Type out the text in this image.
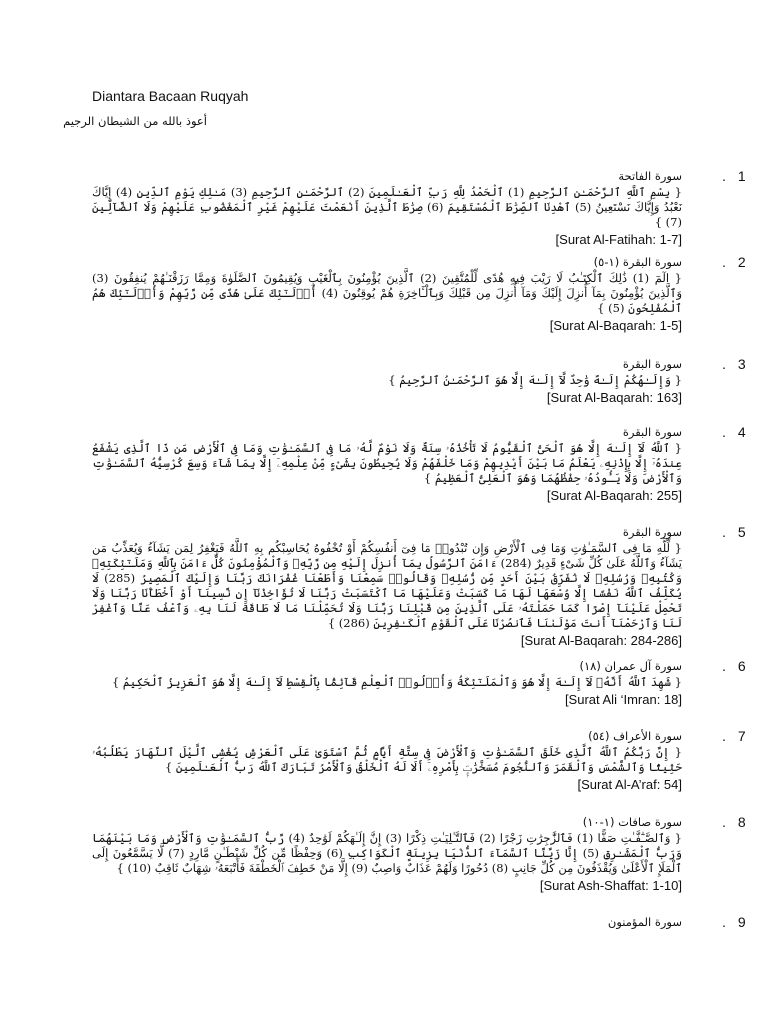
Diantara Bacaan Ruqyah
أعوذ بالله من الشيطان الرجيم
. 1
سورة الفاتحة
{ بِسْمِ ٱللَّهِ ٱلرَّحْمَـٰنِ ٱلرَّحِيمِ (1) ٱلْحَمْدُ لِلَّهِ رَبِّ ٱلْعَـٰلَمِينَ (2) ٱلرَّحْمَـٰنِ ٱلرَّحِيمِ (3) مَـٰلِكِ يَوْمِ ٱلدِّينِ (4) إِيَّاكَ نَعْبُدُ وَإِيَّاكَ نَسْتَعِينُ (5) ٱهْدِنَا ٱلصِّرَٰطَ ٱلْمُسْتَقِيمَ (6) صِرَٰطَ ٱلَّذِينَ أَنْعَمْتَ عَلَيْهِمْ غَيْرِ ٱلْمَغْضُوبِ عَلَيْهِمْ وَلَا ٱلضَّآلِّينَ (7) }
[Surat Al-Fatihah: 1-7]
. 2
سورة البقرة (١-٥)
{ الٓمٓ (1) ذَٰلِكَ ٱلْكِتَـٰبُ لَا رَيْبَ فِيهِ هُدًى لِّلْمُتَّقِينَ (2) ٱلَّذِينَ يُؤْمِنُونَ بِٱلْغَيْبِ وَيُقِيمُونَ ٱلصَّلَوٰةَ وَمِمَّا رَزَقْنَـٰهُمْ يُنفِقُونَ (3) وَٱلَّذِينَ يُؤْمِنُونَ بِمَآ أُنزِلَ إِلَيْكَ وَمَآ أُنزِلَ مِن قَبْلِكَ وَبِٱلْـَٔاخِرَةِ هُمْ يُوقِنُونَ (4) أُو۟لَـٰٓئِكَ عَلَىٰ هُدًى مِّن رَّبِّهِمْ وَأُو۟لَـٰٓئِكَ هُمُ ٱلْمُفْلِحُونَ (5) }
[Surat Al-Baqarah: 1-5]
. 3
سورة البقرة
{ وَإِلَـٰهُكُمْ إِلَـٰهٌ وَٰحِدٌ لَّآ إِلَـٰهَ إِلَّا هُوَ ٱلرَّحْمَـٰنُ ٱلرَّحِيمُ }
[Surat Al-Baqarah: 163]
. 4
سورة البقرة
{ ٱللَّهُ لَآ إِلَـٰهَ إِلَّا هُوَ ٱلْحَىُّ ٱلْقَيُّومُ لَا تَأْخُذُهُۥ سِنَةٌ وَلَا نَوْمٌ لَّهُۥ مَا فِى ٱلسَّمَـٰوَٰتِ وَمَا فِى ٱلْأَرْضِ مَن ذَا ٱلَّذِى يَشْفَعُ عِندَهُۥٓ إِلَّا بِإِذْنِهِۦ يَعْلَمُ مَا بَيْنَ أَيْدِيهِمْ وَمَا خَلْفَهُمْ وَلَا يُحِيطُونَ بِشَىْءٍ مِّنْ عِلْمِهِۦٓ إِلَّا بِمَا شَآءَ وَسِعَ كُرْسِيُّهُ ٱلسَّمَـٰوَٰتِ وَٱلْأَرْضَ وَلَا يَـُٔودُهُۥ حِفْظُهُمَا وَهُوَ ٱلْعَلِىُّ ٱلْعَظِيمُ }
[Surat Al-Baqarah: 255]
. 5
سورة البقرة
{ لِّلَّهِ مَا فِى ٱلسَّمَـٰوَٰتِ وَمَا فِى ٱلْأَرْضِ وَإِن تُبْدُوا۟ مَا فِىٓ أَنفُسِكُمْ أَوْ تُخْفُوهُ يُحَاسِبْكُم بِهِ ٱللَّهُ فَيَغْفِرُ لِمَن يَشَآءُ وَيُعَذِّبُ مَن يَشَآءُ وَٱللَّهُ عَلَىٰ كُلِّ شَىْءٍ قَدِيرٌ (284) ءَامَنَ ٱلرَّسُولُ بِمَآ أُنزِلَ إِلَيْهِ مِن رَّبِّهِۦ وَٱلْمُؤْمِنُونَ كُلٌّ ءَامَنَ بِٱللَّهِ وَمَلَـٰٓئِكَتِهِۦ وَكُتُبِهِۦ وَرُسُلِهِۦ لَا نُفَرِّقُ بَيْنَ أَحَدٍ مِّن رُّسُلِهِۦ وَقَالُوا۟ سَمِعْنَا وَأَطَعْنَا غُفْرَانَكَ رَبَّنَا وَإِلَيْكَ ٱلْمَصِيرُ (285) لَا يُكَلِّفُ ٱللَّهُ نَفْسًا إِلَّا وُسْعَهَا لَهَا مَا كَسَبَتْ وَعَلَيْهَا مَا ٱكْتَسَبَتْ رَبَّنَا لَا تُؤَاخِذْنَآ إِن نَّسِينَآ أَوْ أَخْطَأْنَا رَبَّنَا وَلَا تَحْمِلْ عَلَيْنَآ إِصْرًا كَمَا حَمَلْتَهُۥ عَلَى ٱلَّذِينَ مِن قَبْلِنَا رَبَّنَا وَلَا تُحَمِّلْنَا مَا لَا طَاقَةَ لَنَا بِهِۦ وَٱعْفُ عَنَّا وَٱغْفِرْ لَنَا وَٱرْحَمْنَآ أَنتَ مَوْلَىٰنَا فَٱنصُرْنَا عَلَى ٱلْقَوْمِ ٱلْكَـٰفِرِينَ (286) }
[Surat Al-Baqarah: 284-286]
. 6
سورة آل عمران (١٨)
{ شَهِدَ ٱللَّهُ أَنَّهُۥ لَآ إِلَـٰهَ إِلَّا هُوَ وَٱلْمَلَـٰٓئِكَةُ وَأُو۟لُوا۟ ٱلْعِلْمِ قَآئِمًۢا بِٱلْقِسْطِ لَآ إِلَـٰهَ إِلَّا هُوَ ٱلْعَزِيزُ ٱلْحَكِيمُ }
[Surat Ali ‘Imran: 18]
. 7
سورة الأعراف (٥٤)
{ إِنَّ رَبَّكُمُ ٱللَّهُ ٱلَّذِى خَلَقَ ٱلسَّمَـٰوَٰتِ وَٱلْأَرْضَ فِى سِتَّةِ أَيَّامٍ ثُمَّ ٱسْتَوَىٰ عَلَى ٱلْعَرْشِ يُغْشِى ٱلَّيْلَ ٱلنَّهَارَ يَطْلُبُهُۥ حَثِيثًا وَٱلشَّمْسَ وَٱلْقَمَرَ وَٱلنُّجُومَ مُسَخَّرَٰتٍۭ بِأَمْرِهِۦٓ أَلَا لَهُ ٱلْخَلْقُ وَٱلْأَمْرُ تَبَارَكَ ٱللَّهُ رَبُّ ٱلْعَـٰلَمِينَ }
[Surat Al-A’raf: 54]
. 8
سورة صافات (١-١٠)
{ وَٱلصَّـٰٓفَّـٰتِ صَفًّا (1) فَٱلزَّٰجِرَٰتِ زَجْرًا (2) فَٱلتَّـٰلِيَـٰتِ ذِكْرًا (3) إِنَّ إِلَـٰهَكُمْ لَوَٰحِدٌ (4) رَّبُّ ٱلسَّمَـٰوَٰتِ وَٱلْأَرْضِ وَمَا بَيْنَهُمَا وَرَبُّ ٱلْمَشَـٰرِقِ (5) إِنَّا زَيَّنَّا ٱلسَّمَآءَ ٱلدُّنْيَا بِزِينَةٍ ٱلْكَوَاكِبِ (6) وَحِفْظًا مِّن كُلِّ شَيْطَـٰنٍ مَّارِدٍ (7) لَّا يَسَّمَّعُونَ إِلَى ٱلْمَلَإِ ٱلْأَعْلَىٰ وَيُقْذَفُونَ مِن كُلِّ جَانِبٍ (8) دُحُورًا وَلَهُمْ عَذَابٌ وَاصِبٌ (9) إِلَّا مَنْ خَطِفَ ٱلْخَطْفَةَ فَأَتْبَعَهُۥ شِهَابٌ ثَاقِبٌ (10) }
[Surat Ash-Shaffat: 1-10]
. 9
سورة المؤمنون
